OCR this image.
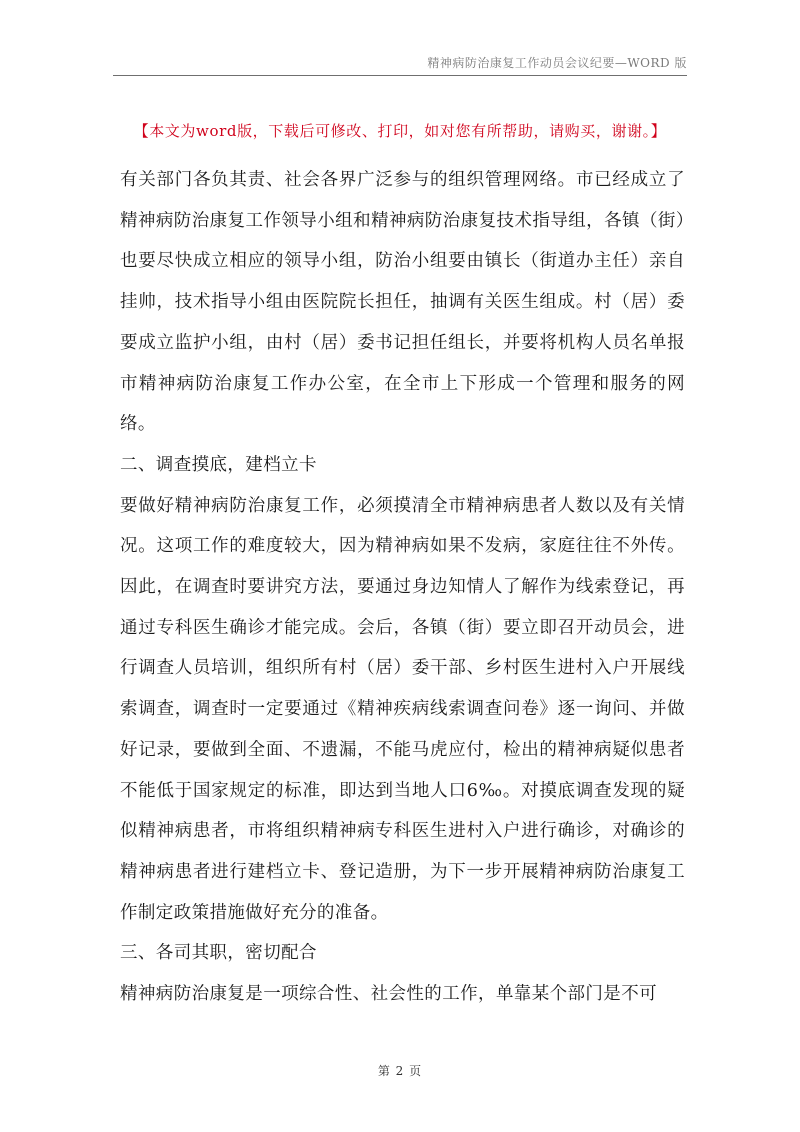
精神病防治康复工作动员会议纪要—WORD 版
【本文为word版，下载后可修改、打印，如对您有所帮助，请购买，谢谢。】

有关部门各负其责、社会各界广泛参与的组织管理网络。市已经成立了精神病防治康复工作领导小组和精神病防治康复技术指导组，各镇（街）也要尽快成立相应的领导小组，防治小组要由镇长（街道办主任）亲自挂帅，技术指导小组由医院院长担任，抽调有关医生组成。村（居）委要成立监护小组，由村（居）委书记担任组长，并要将机构人员名单报市精神病防治康复工作办公室，在全市上下形成一个管理和服务的网络。

二、调查摸底，建档立卡

要做好精神病防治康复工作，必须摸清全市精神病患者人数以及有关情况。这项工作的难度较大，因为精神病如果不发病，家庭往往不外传。因此，在调查时要讲究方法，要通过身边知情人了解作为线索登记，再通过专科医生确诊才能完成。会后，各镇（街）要立即召开动员会，进行调查人员培训，组织所有村（居）委干部、乡村医生进村入户开展线索调查，调查时一定要通过《精神疾病线索调查问卷》逐一询问、并做好记录，要做到全面、不遗漏，不能马虎应付，检出的精神病疑似患者不能低于国家规定的标准，即达到当地人口6‰。对摸底调查发现的疑似精神病患者，市将组织精神病专科医生进村入户进行确诊，对确诊的精神病患者进行建档立卡、登记造册，为下一步开展精神病防治康复工作制定政策措施做好充分的准备。

三、各司其职，密切配合

精神病防治康复是一项综合性、社会性的工作，单靠某个部门是不可

第 2 页
